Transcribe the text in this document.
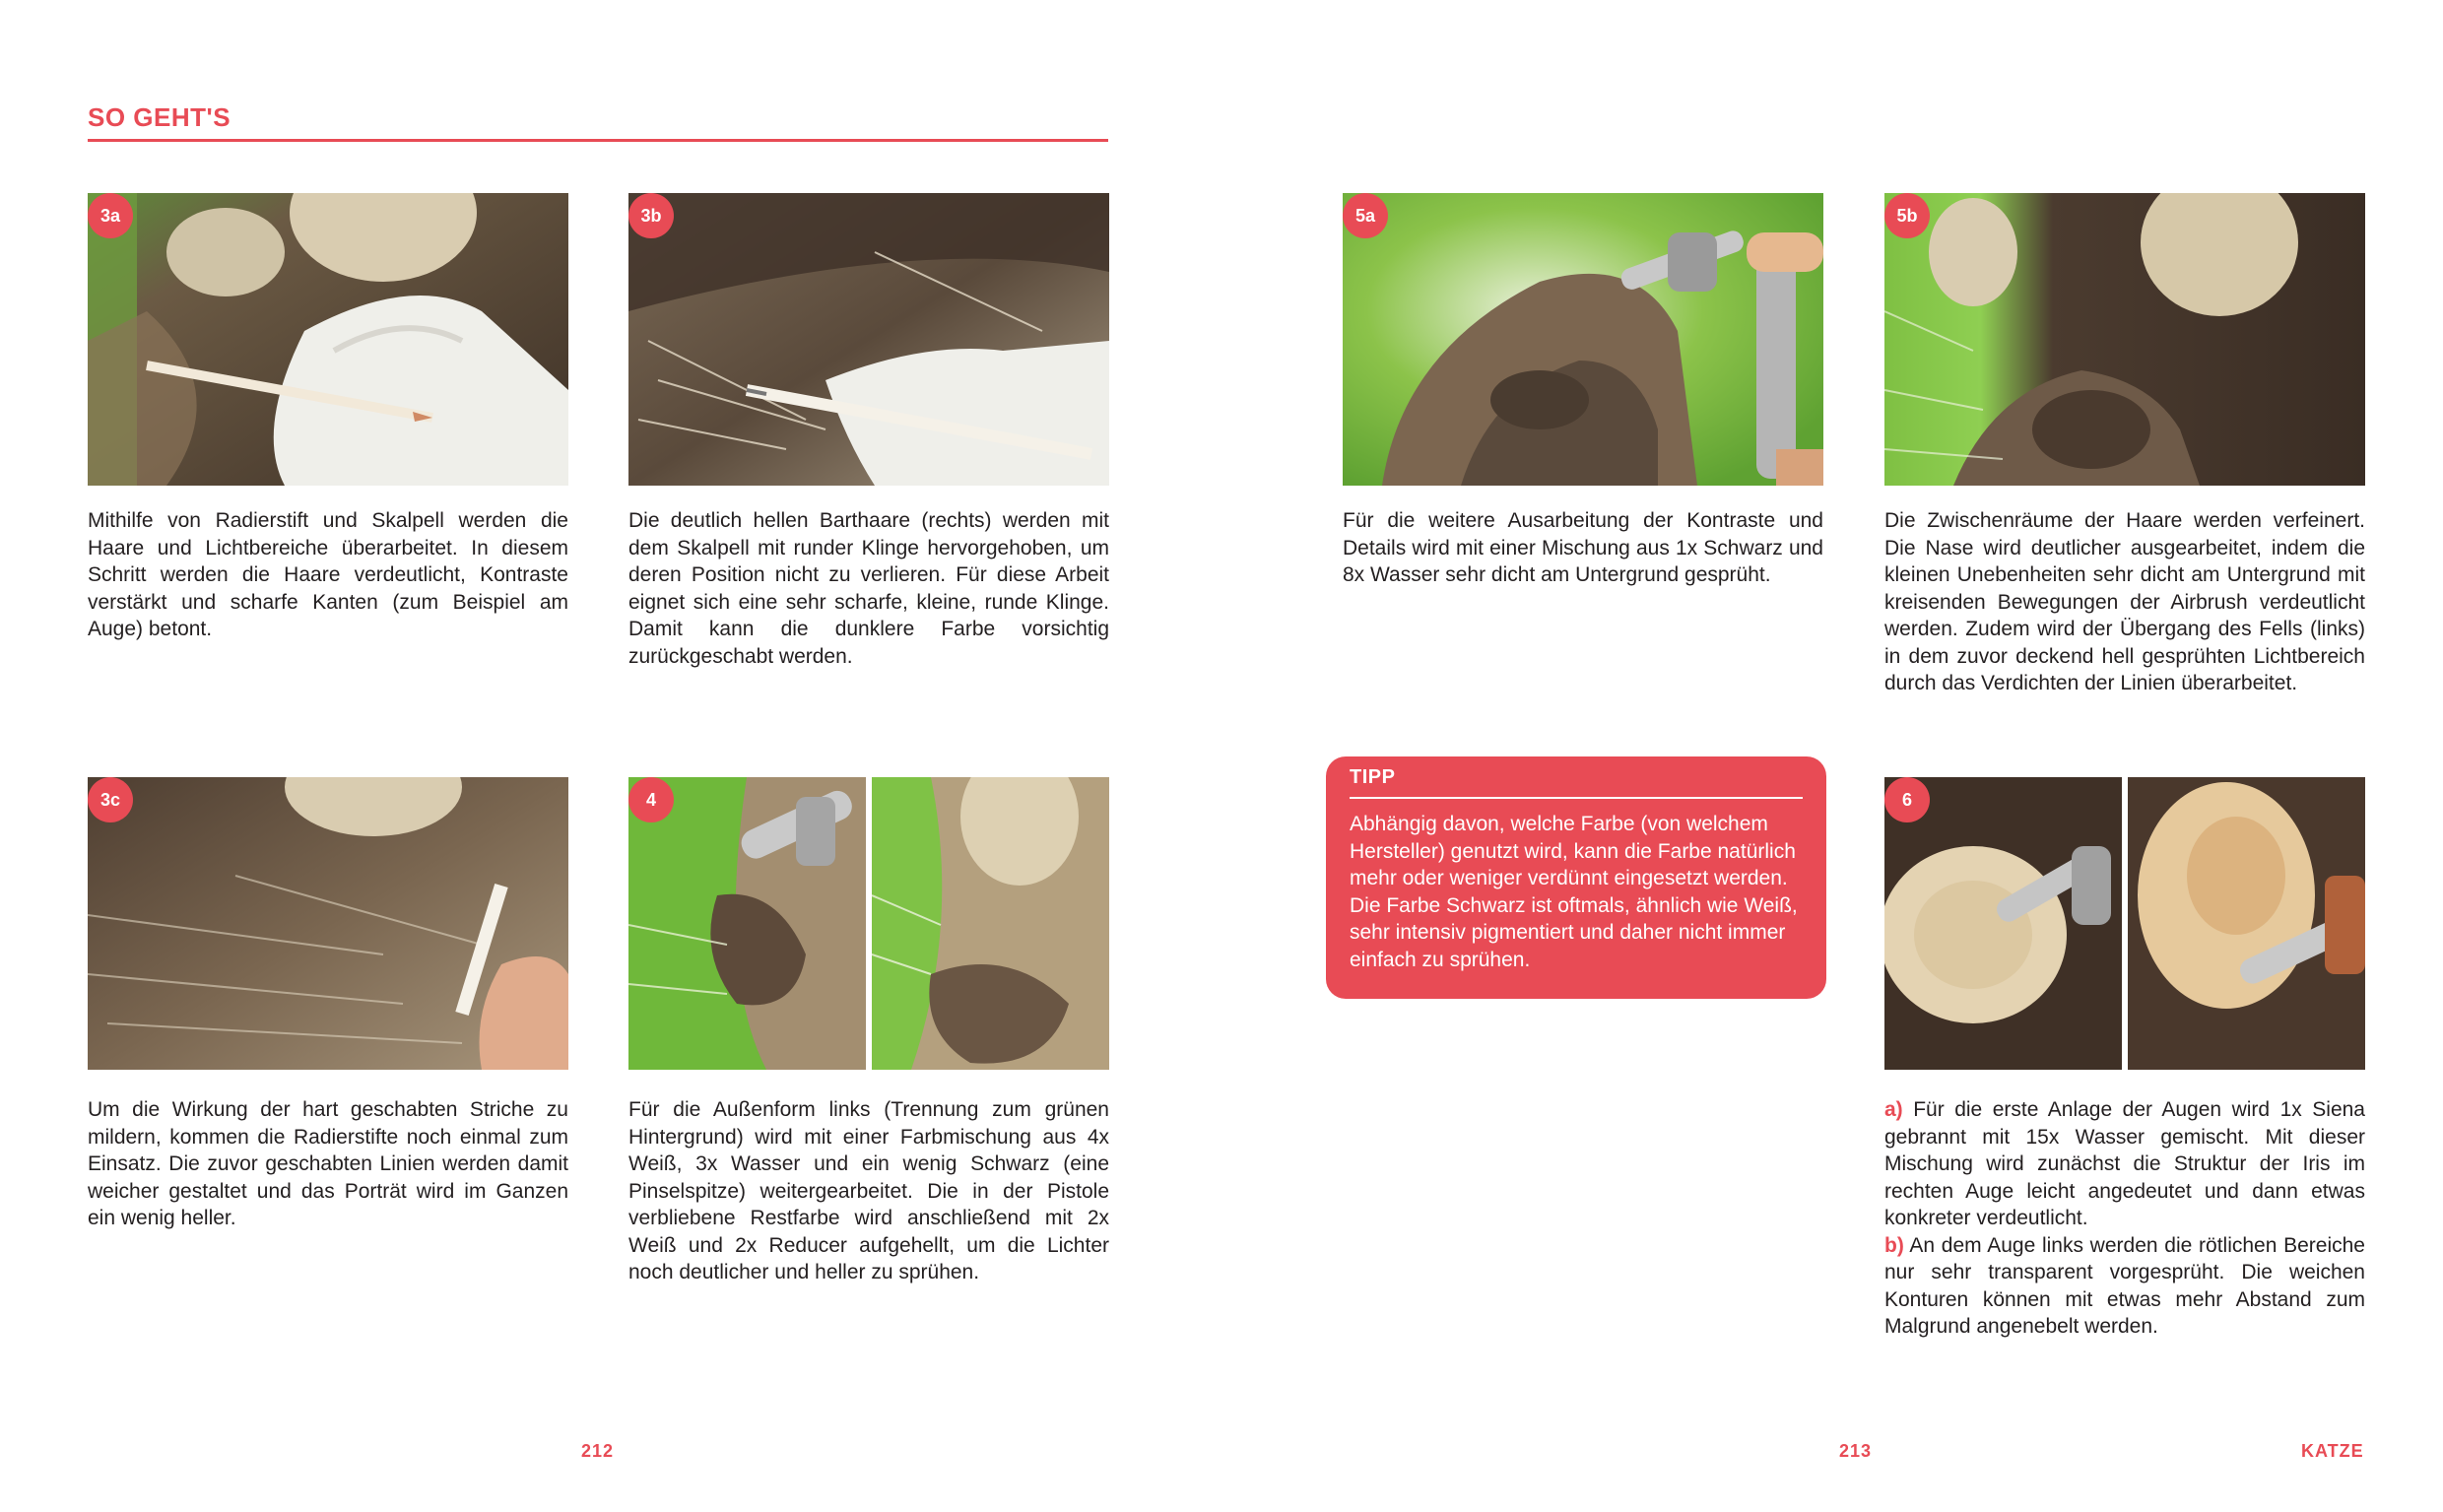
SO GEHT'S
3a
Mithilfe von Radierstift und Skalpell werden die Haare und Lichtbereiche überarbeitet. In diesem Schritt werden die Haare verdeutlicht, Kontraste verstärkt und scharfe Kanten (zum Beispiel am Auge) betont.
3b
Die deutlich hellen Barthaare (rechts) werden mit dem Skalpell mit runder Klinge hervorgehoben, um deren Position nicht zu verlieren. Für diese Arbeit eignet sich eine sehr scharfe, kleine, runde Klinge. Damit kann die dunklere Farbe vorsichtig zurückgeschabt werden.
5a
Für die weitere Ausarbeitung der Kontraste und Details wird mit einer Mischung aus 1x Schwarz und 8x Wasser sehr dicht am Untergrund gesprüht.
5b
Die Zwischenräume der Haare werden verfeinert. Die Nase wird deutlicher ausgearbeitet, indem die kleinen Unebenheiten sehr dicht am Untergrund mit kreisenden Bewegungen der Airbrush verdeutlicht werden. Zudem wird der Übergang des Fells (links) in dem zuvor deckend hell gesprühten Lichtbereich durch das Verdichten der Linien überarbeitet.
3c
Um die Wirkung der hart geschabten Striche zu mildern, kommen die Radierstifte noch einmal zum Einsatz. Die zuvor geschabten Linien werden damit weicher gestaltet und das Porträt wird im Ganzen ein wenig heller.
4
Für die Außenform links (Trennung zum grünen Hintergrund) wird mit einer Farbmischung aus 4x Weiß, 3x Wasser und ein wenig Schwarz (eine Pinselspitze) weitergearbeitet. Die in der Pistole verbliebene Restfarbe wird anschließend mit 2x Weiß und 2x Reducer aufgehellt, um die Lichter noch deutlicher und heller zu sprühen.
TIPP
Abhängig davon, welche Farbe (von welchem Hersteller) genutzt wird, kann die Farbe natürlich mehr oder weniger verdünnt eingesetzt werden. Die Farbe Schwarz ist oftmals, ähnlich wie Weiß, sehr intensiv pigmentiert und daher nicht immer einfach zu sprühen.
6
a) Für die erste Anlage der Augen wird 1x Siena gebrannt mit 15x Wasser gemischt. Mit dieser Mischung wird zunächst die Struktur der Iris im rechten Auge leicht angedeutet und dann etwas konkreter verdeutlicht.
b) An dem Auge links werden die rötlichen Bereiche nur sehr transparent vorgesprüht. Die weichen Konturen können mit etwas mehr Abstand zum Malgrund angenebelt werden.
212	213	KATZE
